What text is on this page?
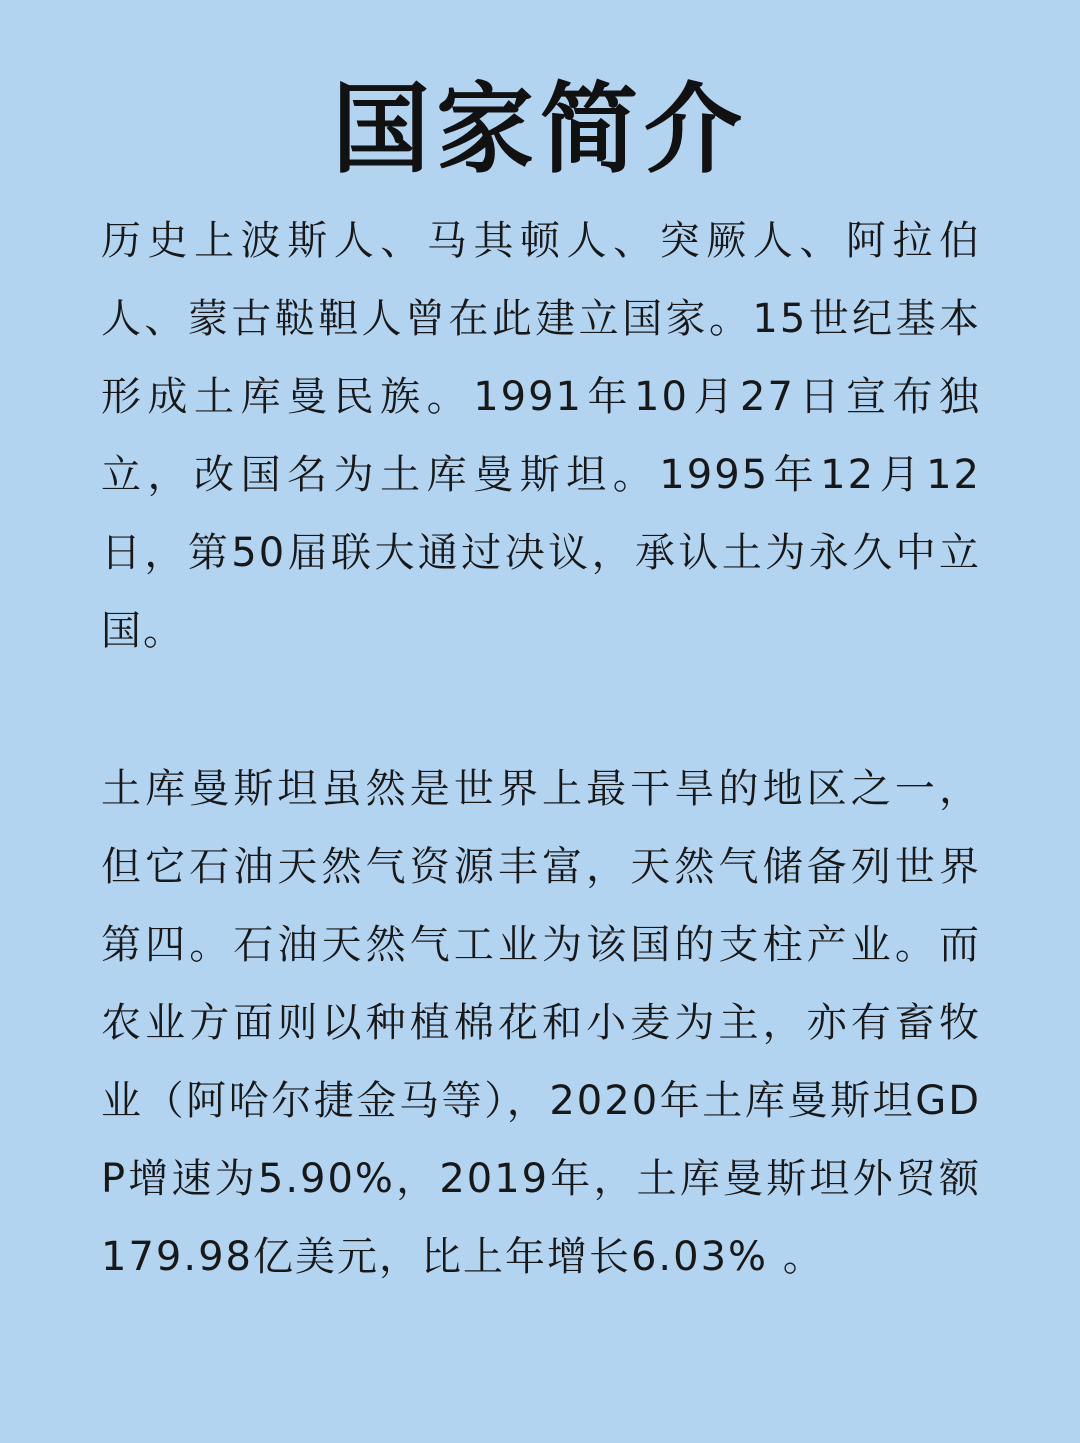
国家简介

历史上波斯人、马其顿人、突厥人、阿拉伯人、蒙古鞑靼人曾在此建立国家。15世纪基本形成土库曼民族。1991年10月27日宣布独立，改国名为土库曼斯坦。1995年12月12日，第50届联大通过决议，承认土为永久中立国。

土库曼斯坦虽然是世界上最干旱的地区之一，但它石油天然气资源丰富，天然气储备列世界第四。石油天然气工业为该国的支柱产业。而农业方面则以种植棉花和小麦为主，亦有畜牧业（阿哈尔捷金马等），2020年土库曼斯坦GDP增速为5.90%，2019年，土库曼斯坦外贸额179.98亿美元，比上年增长6.03% 。
